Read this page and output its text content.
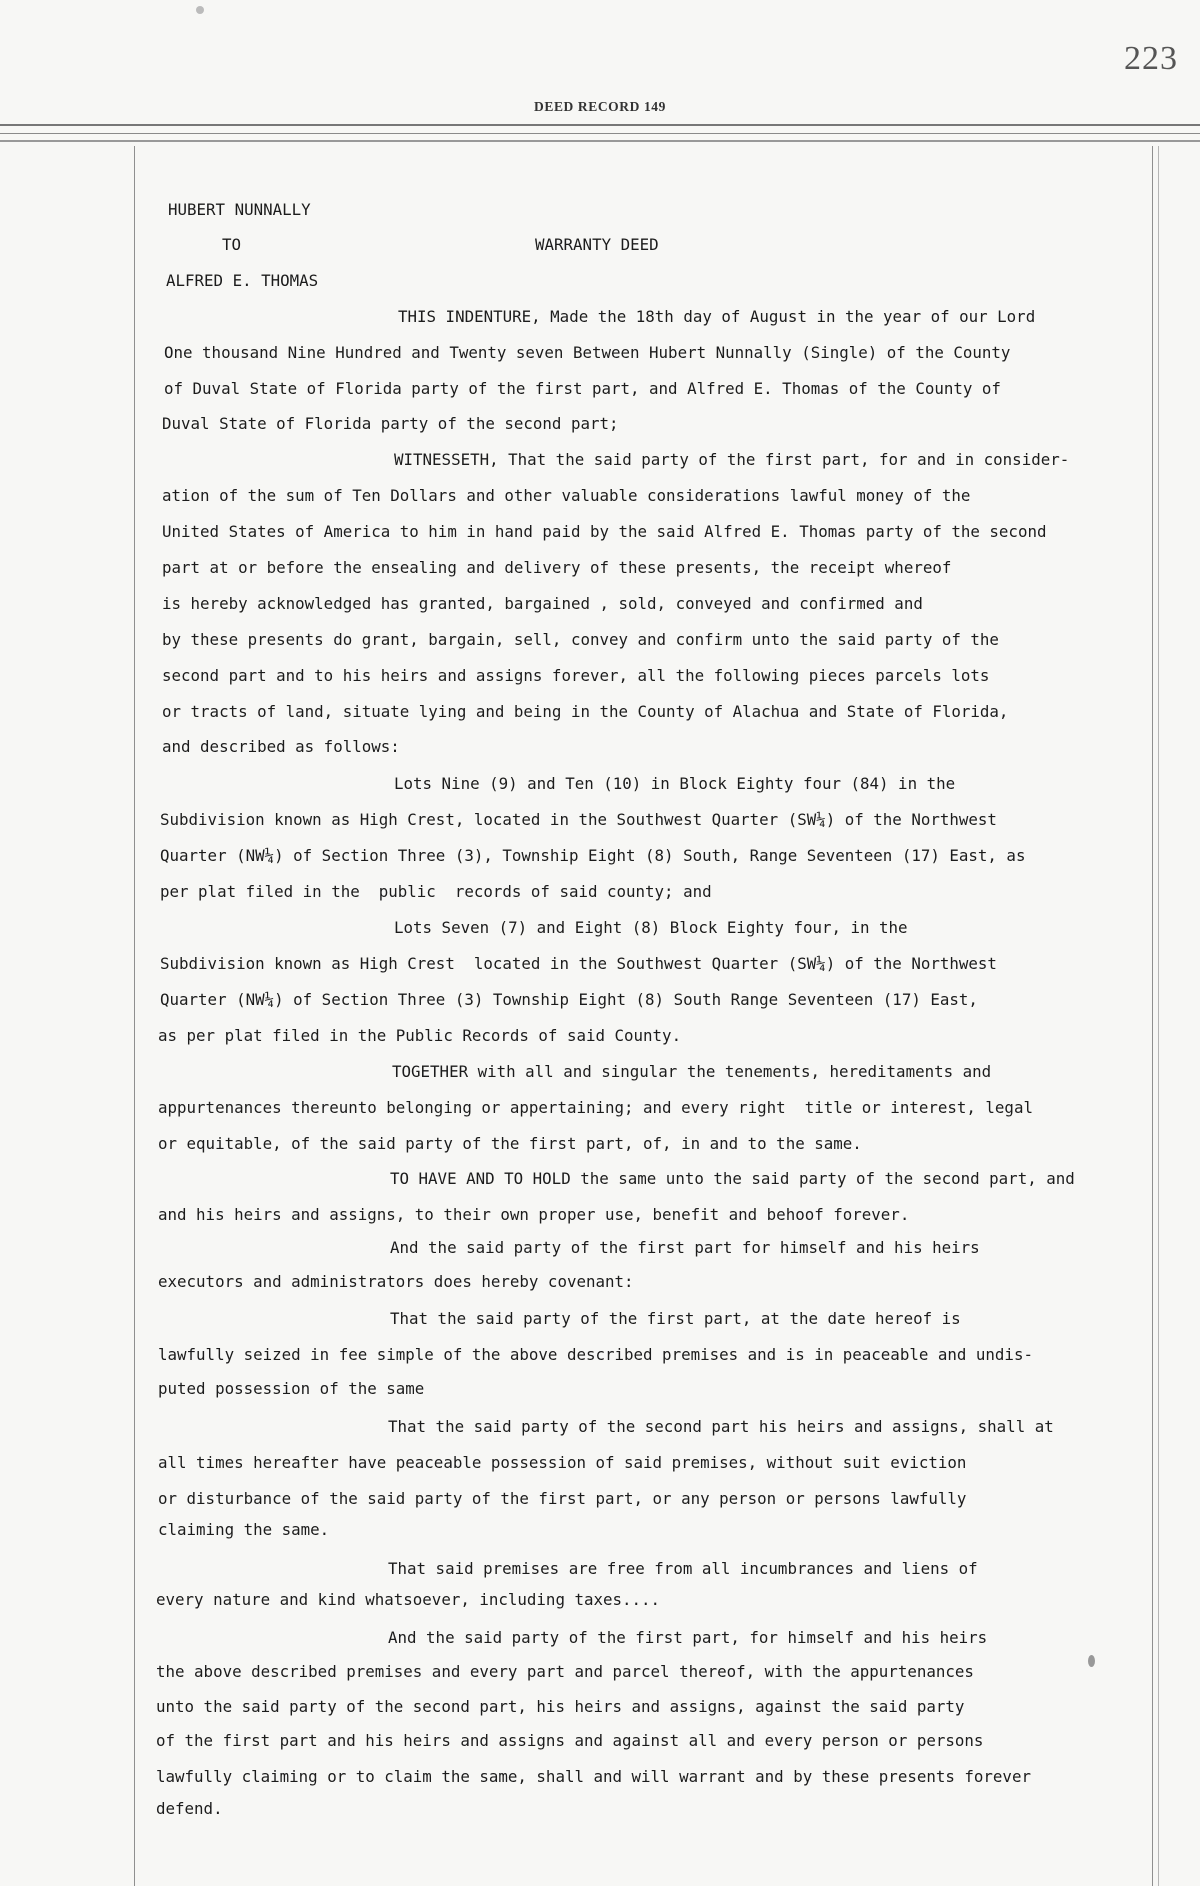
223
DEED RECORD 149
HUBERT NUNNALLY
TO	WARRANTY DEED
ALFRED E. THOMAS
THIS INDENTURE, Made the 18th day of August in the year of our Lord
One thousand Nine Hundred and Twenty seven Between Hubert Nunnally (Single) of the County
of Duval State of Florida party of the first part, and Alfred E. Thomas of the County of
Duval State of Florida party of the second part;
WITNESSETH, That the said party of the first part, for and in consider-
ation of the sum of Ten Dollars and other valuable considerations lawful money of the
United States of America to him in hand paid by the said Alfred E. Thomas party of the second
part at or before the ensealing and delivery of these presents, the receipt whereof
is hereby acknowledged has granted, bargained , sold, conveyed and confirmed and
by these presents do grant, bargain, sell, convey and confirm unto the said party of the
second part and to his heirs and assigns forever, all the following pieces parcels lots
or tracts of land, situate lying and being in the County of Alachua and State of Florida,
and described as follows:
Lots Nine (9) and Ten (10) in Block Eighty four (84) in the
Subdivision known as High Crest, located in the Southwest Quarter (SW¼) of the Northwest
Quarter (NW¼) of Section Three (3), Township Eight (8) South, Range Seventeen (17) East, as
per plat filed in the  public  records of said county; and
Lots Seven (7) and Eight (8) Block Eighty four, in the
Subdivision known as High Crest  located in the Southwest Quarter (SW¼) of the Northwest
Quarter (NW¼) of Section Three (3) Township Eight (8) South Range Seventeen (17) East,
as per plat filed in the Public Records of said County.
TOGETHER with all and singular the tenements, hereditaments and
appurtenances thereunto belonging or appertaining; and every right  title or interest, legal
or equitable, of the said party of the first part, of, in and to the same.
TO HAVE AND TO HOLD the same unto the said party of the second part, and
and his heirs and assigns, to their own proper use, benefit and behoof forever.
And the said party of the first part for himself and his heirs
executors and administrators does hereby covenant:
That the said party of the first part, at the date hereof is
lawfully seized in fee simple of the above described premises and is in peaceable and undis-
puted possession of the same
That the said party of the second part his heirs and assigns, shall at
all times hereafter have peaceable possession of said premises, without suit eviction
or disturbance of the said party of the first part, or any person or persons lawfully
claiming the same.
That said premises are free from all incumbrances and liens of
every nature and kind whatsoever, including taxes....
And the said party of the first part, for himself and his heirs
the above described premises and every part and parcel thereof, with the appurtenances
unto the said party of the second part, his heirs and assigns, against the said party
of the first part and his heirs and assigns and against all and every person or persons
lawfully claiming or to claim the same, shall and will warrant and by these presents forever
defend.
